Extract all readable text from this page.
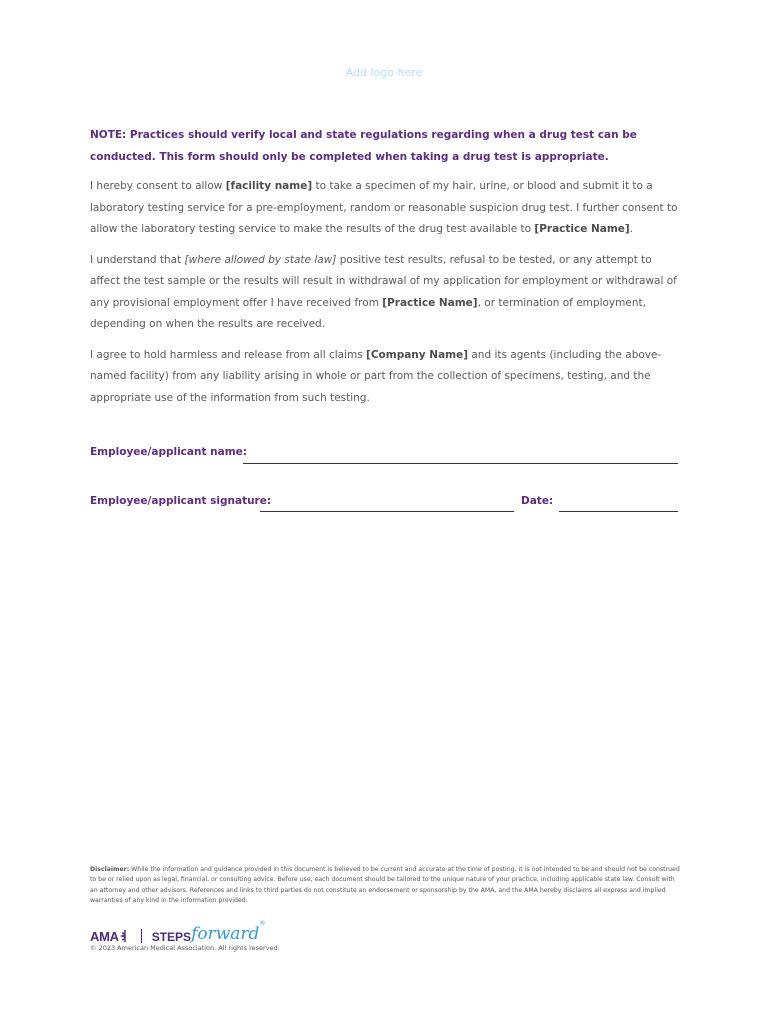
Add logo here

NOTE: Practices should verify local and state regulations regarding when a drug test can be conducted. This form should only be completed when taking a drug test is appropriate.

I hereby consent to allow [facility name] to take a specimen of my hair, urine, or blood and submit it to a laboratory testing service for a pre-employment, random or reasonable suspicion drug test. I further consent to allow the laboratory testing service to make the results of the drug test available to [Practice Name].

I understand that [where allowed by state law] positive test results, refusal to be tested, or any attempt to affect the test sample or the results will result in withdrawal of my application for employment or withdrawal of any provisional employment offer I have received from [Practice Name], or termination of employment, depending on when the results are received.

I agree to hold harmless and release from all claims [Company Name] and its agents (including the above-named facility) from any liability arising in whole or part from the collection of specimens, testing, and the appropriate use of the information from such testing.

Employee/applicant name:
Employee/applicant signature:	Date:
Disclaimer: While the information and guidance provided in this document is believed to be current and accurate at the time of posting, it is not intended to be and should not be construed to be or relied upon as legal, financial, or consulting advice. Before use, each document should be tailored to the unique nature of your practice, including applicable state law. Consult with an attorney and other advisors. References and links to third parties do not constitute an endorsement or sponsorship by the AMA, and the AMA hereby disclaims all express and implied warranties of any kind in the information provided.
AMA	STEPS forward
®
© 2023 American Medical Association. All rights reserved.
